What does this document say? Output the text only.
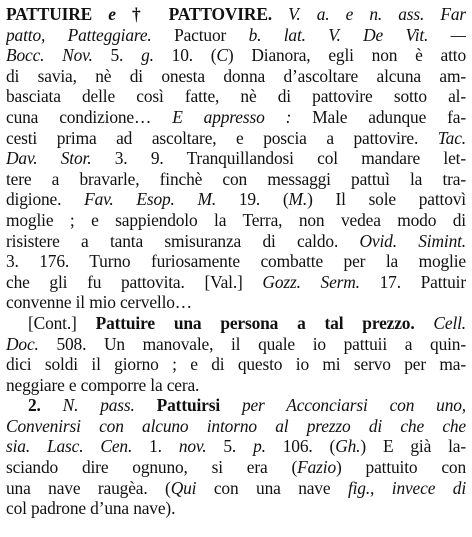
PATTUIRE e † PATTOVIRE. V. a. e n. ass. Far
patto, Patteggiare. Pactuor b. lat. V. De Vit. —
Bocc. Nov. 5. g. 10. (C) Dianora, egli non è atto
di savia, nè di onesta donna d’ascoltare alcuna am-
basciata delle così fatte, nè di pattovire sotto al-
cuna condizione… E appresso : Male adunque fa-
cesti prima ad ascoltare, e poscia a pattovire. Tac.
Dav. Stor. 3. 9. Tranquillandosi col mandare let-
tere a bravarle, finchè con messaggi pattuì la tra-
digione. Fav. Esop. M. 19. (M.) Il sole pattovì
moglie ; e sappiendolo la Terra, non vedea modo di
risistere a tanta smisuranza di caldo. Ovid. Simint.
3. 176. Turno furiosamente combatte per la moglie
che gli fu pattovita. [Val.] Gozz. Serm. 17. Pattuir
convenne il mio cervello…
[Cont.] Pattuire una persona a tal prezzo. Cell.
Doc. 508. Un manovale, il quale io pattuii a quin-
dici soldi il giorno ; e di questo io mi servo per ma-
neggiare e comporre la cera.
2. N. pass. Pattuirsi per Acconciarsi con uno,
Convenirsi con alcuno intorno al prezzo di che che
sia. Lasc. Cen. 1. nov. 5. p. 106. (Gh.) E già la-
sciando dire ognuno, si era (Fazio) pattuito con
una nave raugèa. (Qui con una nave fig., invece di
col padrone d’una nave).
